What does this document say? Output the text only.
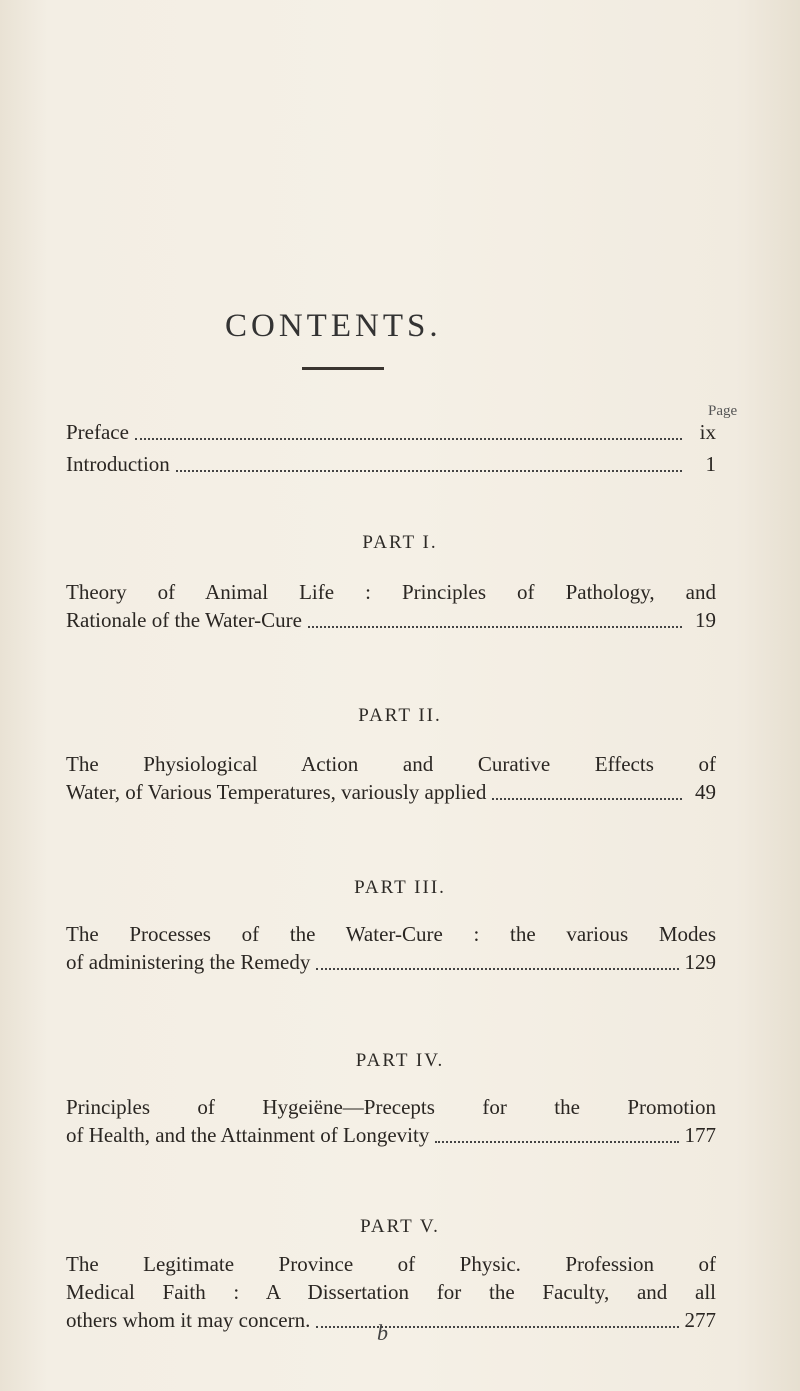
CONTENTS.
Page
Preface	ix
Introduction	1
PART I.
Theory of Animal Life : Principles of Pathology, and
Rationale of the Water-Cure	19
PART II.
The Physiological Action and Curative Effects of
Water, of Various Temperatures, variously applied	49
PART III.
The Processes of the Water-Cure : the various Modes
of administering the Remedy	129
PART IV.
Principles of Hygeiëne—Precepts for the Promotion
of Health, and the Attainment of Longevity	177
PART V.
The Legitimate Province of Physic. Profession of
Medical Faith : A Dissertation for the Faculty, and all
others whom it may concern.	277
b
